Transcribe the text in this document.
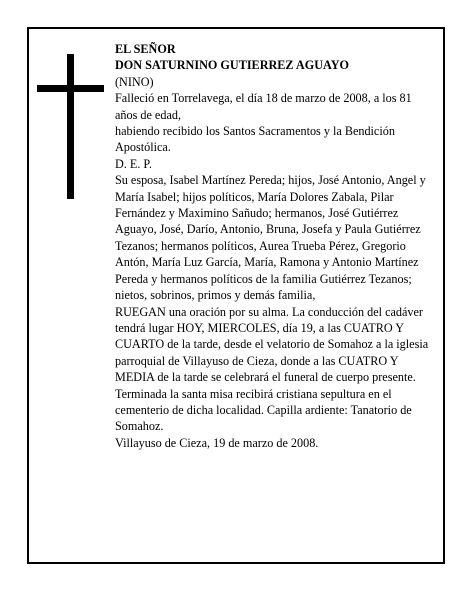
EL SEÑOR

DON SATURNINO GUTIERREZ AGUAYO

(NINO)

Falleció en Torrelavega, el día 18 de marzo de 2008, a los 81 años de edad,

habiendo recibido los Santos Sacramentos y la Bendición Apostólica.

D. E. P.

Su esposa, Isabel Martínez Pereda; hijos, José Antonio, Angel y María Isabel; hijos políticos, María Dolores Zabala, Pilar Fernández y Maximino Sañudo; hermanos, José Gutiérrez Aguayo, José, Darío, Antonio, Bruna, Josefa y Paula Gutiérrez Tezanos; hermanos políticos, Aurea Trueba Pérez, Gregorio Antón, María Luz García, María, Ramona y Antonio Martínez Pereda y hermanos políticos de la familia Gutiérrez Tezanos; nietos, sobrinos, primos y demás familia,

RUEGAN una oración por su alma. La conducción del cadáver tendrá lugar HOY, MIERCOLES, día 19, a las CUATRO Y CUARTO de la tarde, desde el velatorio de Somahoz a la iglesia parroquial de Villayuso de Cieza, donde a las CUATRO Y MEDIA de la tarde se celebrará el funeral de cuerpo presente. Terminada la santa misa recibirá cristiana sepultura en el cementerio de dicha localidad. Capilla ardiente: Tanatorio de Somahoz.

Villayuso de Cieza, 19 de marzo de 2008.
